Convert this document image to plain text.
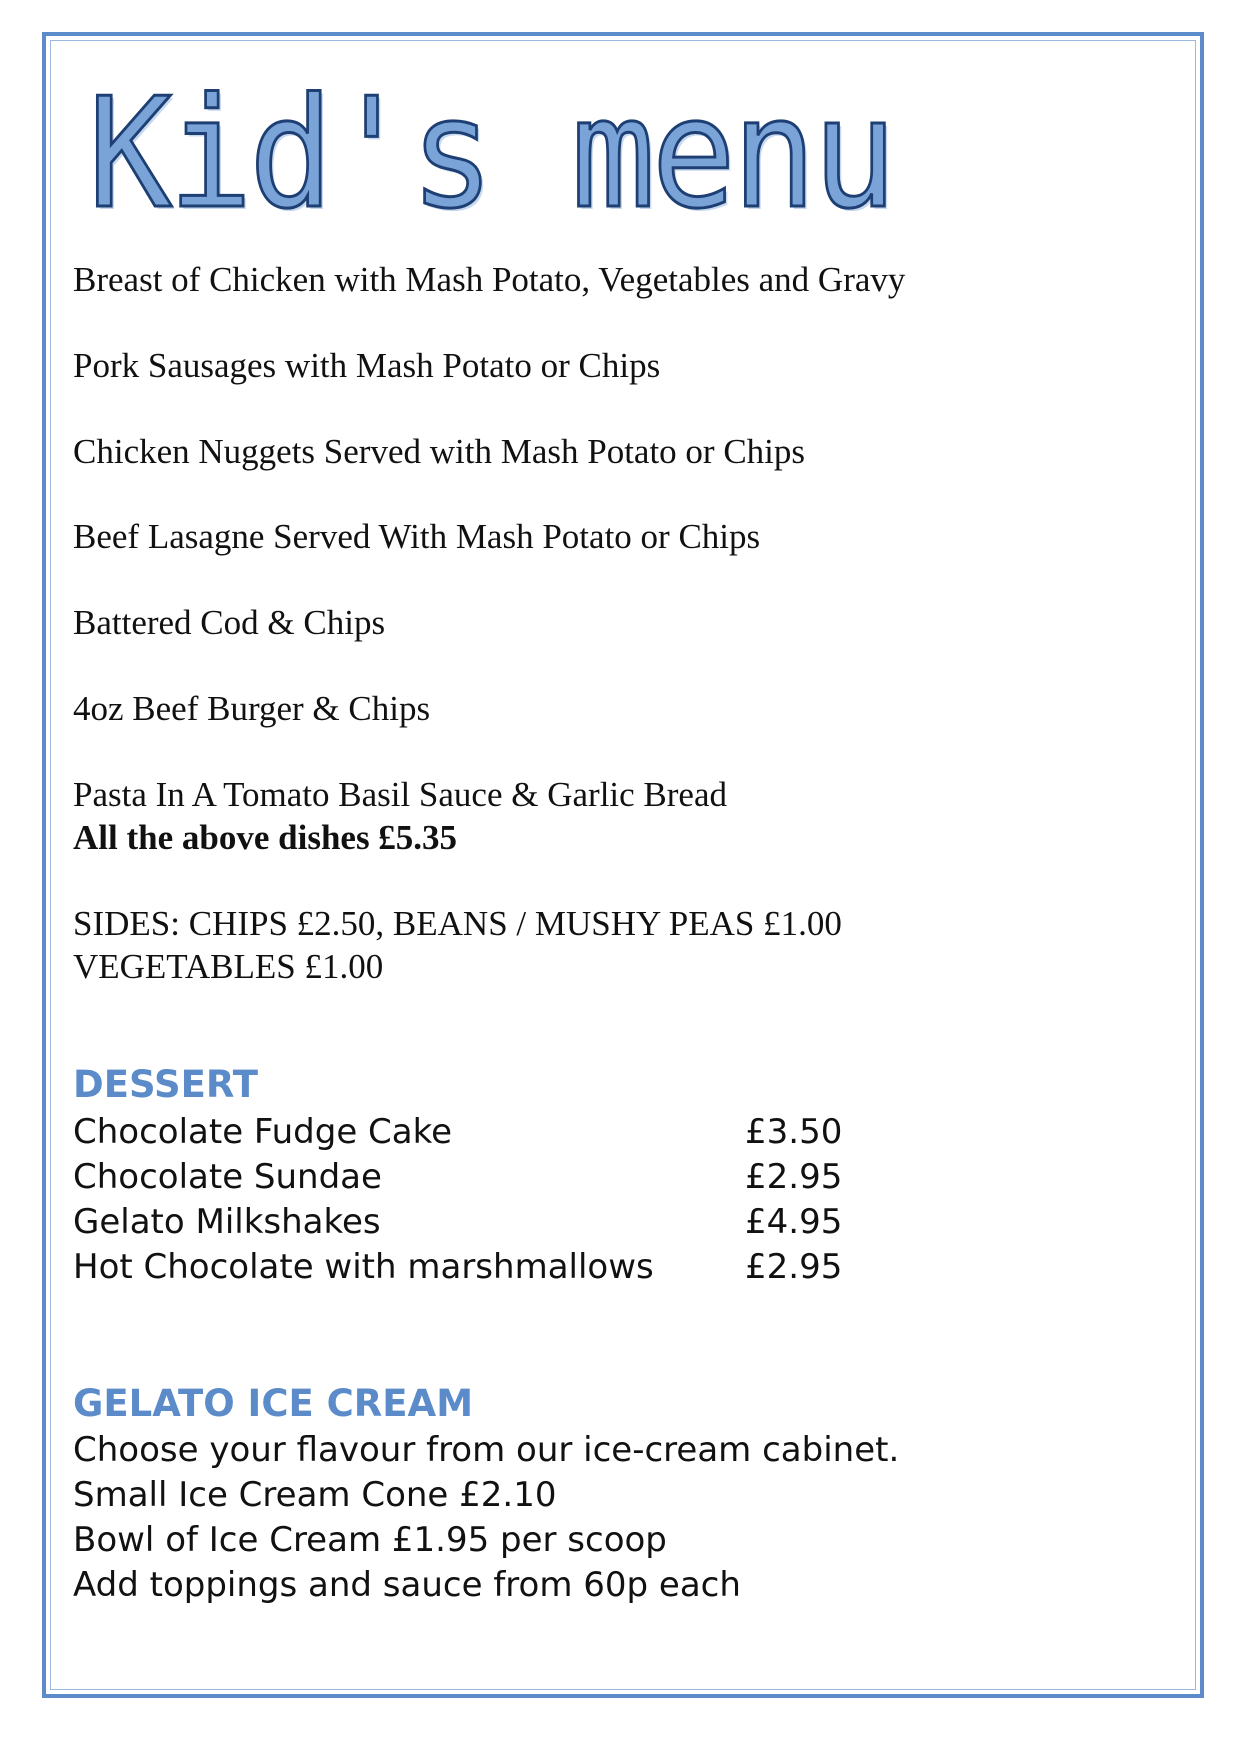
Kid's menu
Breast of Chicken with Mash Potato, Vegetables and Gravy
Pork Sausages with Mash Potato or Chips
Chicken Nuggets Served with Mash Potato or Chips
Beef Lasagne Served With Mash Potato or Chips
Battered Cod & Chips
4oz Beef Burger & Chips
Pasta In A Tomato Basil Sauce & Garlic Bread
All the above dishes £5.35
SIDES: CHIPS £2.50, BEANS / MUSHY PEAS £1.00
VEGETABLES £1.00
DESSERT
Chocolate Fudge Cake	£3.50
Chocolate Sundae	£2.95
Gelato Milkshakes	£4.95
Hot Chocolate with marshmallows	£2.95
GELATO ICE CREAM
Choose your flavour from our ice-cream cabinet.
Small Ice Cream Cone £2.10
Bowl of Ice Cream £1.95 per scoop
Add toppings and sauce from 60p each
